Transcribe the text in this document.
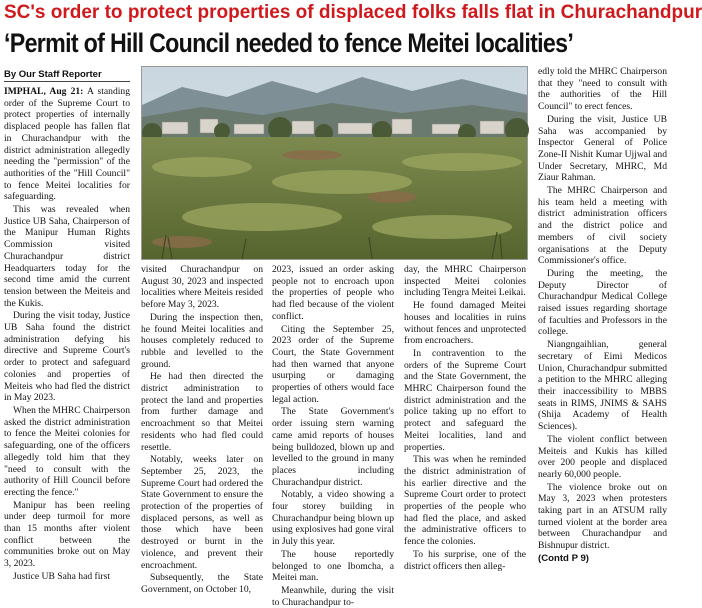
SC's order to protect properties of displaced folks falls flat in Churachandpur
‘Permit of Hill Council needed to fence Meitei localities’
By Our Staff Reporter

IMPHAL, Aug 21: A standing order of the Supreme Court to protect properties of internally displaced people has fallen flat in Churachandpur with the district administration allegedly needing the "permission" of the authorities of the "Hill Council" to fence Meitei localities for safeguarding.

This was revealed when Justice UB Saha, Chairperson of the Manipur Human Rights Commission visited Churachandpur district Headquarters today for the second time amid the current tension between the Meiteis and the Kukis.

During the visit today, Justice UB Saha found the district administration defying his directive and Supreme Court's order to protect and safeguard colonies and properties of Meiteis who had fled the district in May 2023.

When the MHRC Chairperson asked the district administration to fence the Meitei colonies for safeguarding, one of the officers allegedly told him that they "need to consult with the authority of Hill Council before erecting the fence."

Manipur has been reeling under deep turmoil for more than 15 months after violent conflict between the communities broke out on May 3, 2023.

Justice UB Saha had first

visited Churachandpur on August 30, 2023 and inspected localities where Meiteis resided before May 3, 2023.

During the inspection then, he found Meitei localities and houses completely reduced to rubble and levelled to the ground.

He had then directed the district administration to protect the land and properties from further damage and encroachment so that Meitei residents who had fled could resettle.

Notably, weeks later on September 25, 2023, the Supreme Court had ordered the State Government to ensure the protection of the properties of displaced persons, as well as those which have been destroyed or burnt in the violence, and prevent their encroachment.

Subsequently, the State Government, on October 10,

2023, issued an order asking people not to encroach upon the properties of people who had fled because of the violent conflict.

Citing the September 25, 2023 order of the Supreme Court, the State Government had then warned that anyone usurping or damaging properties of others would face legal action.

The State Government's order issuing stern warning came amid reports of houses being bulldozed, blown up and levelled to the ground in many places including Churachandpur district.

Notably, a video showing a four storey building in Churachandpur being blown up using explosives had gone viral in July this year.

The house reportedly belonged to one Ibomcha, a Meitei man.

Meanwhile, during the visit to Churachandpur to-

day, the MHRC Chairperson inspected Meitei colonies including Tengra Meitei Leikai.

He found damaged Meitei houses and localities in ruins without fences and unprotected from encroachers.

In contravention to the orders of the Supreme Court and the State Government, the MHRC Chairperson found the district administration and the police taking up no effort to protect and safeguard the Meitei localities, land and properties.

This was when he reminded the district administration of his earlier directive and the Supreme Court order to protect properties of the people who had fled the place, and asked the administrative officers to fence the colonies.

To his surprise, one of the district officers then alleg-

edly told the MHRC Chairperson that they "need to consult with the authorities of the Hill Council" to erect fences.

During the visit, Justice UB Saha was accompanied by Inspector General of Police Zone-II Nishit Kumar Ujjwal and Under Secretary, MHRC, Md Ziaur Rahman.

The MHRC Chairperson and his team held a meeting with district administration officers and the district police and members of civil society organisations at the Deputy Commissioner's office.

During the meeting, the Deputy Director of Churachandpur Medical College raised issues regarding shortage of faculties and Professors in the college.

Niangngaihlian, general secretary of Eimi Medicos Union, Churachandpur submitted a petition to the MHRC alleging their inaccessibility to MBBS seats in RIMS, JNIMS & SAHS (Shija Academy of Health Sciences).

The violent conflict between Meiteis and Kukis has killed over 200 people and displaced nearly 60,000 people.

The violence broke out on May 3, 2023 when protesters taking part in an ATSUM rally turned violent at the border area between Churachandpur and Bishnupur district.

(Contd P 9)
